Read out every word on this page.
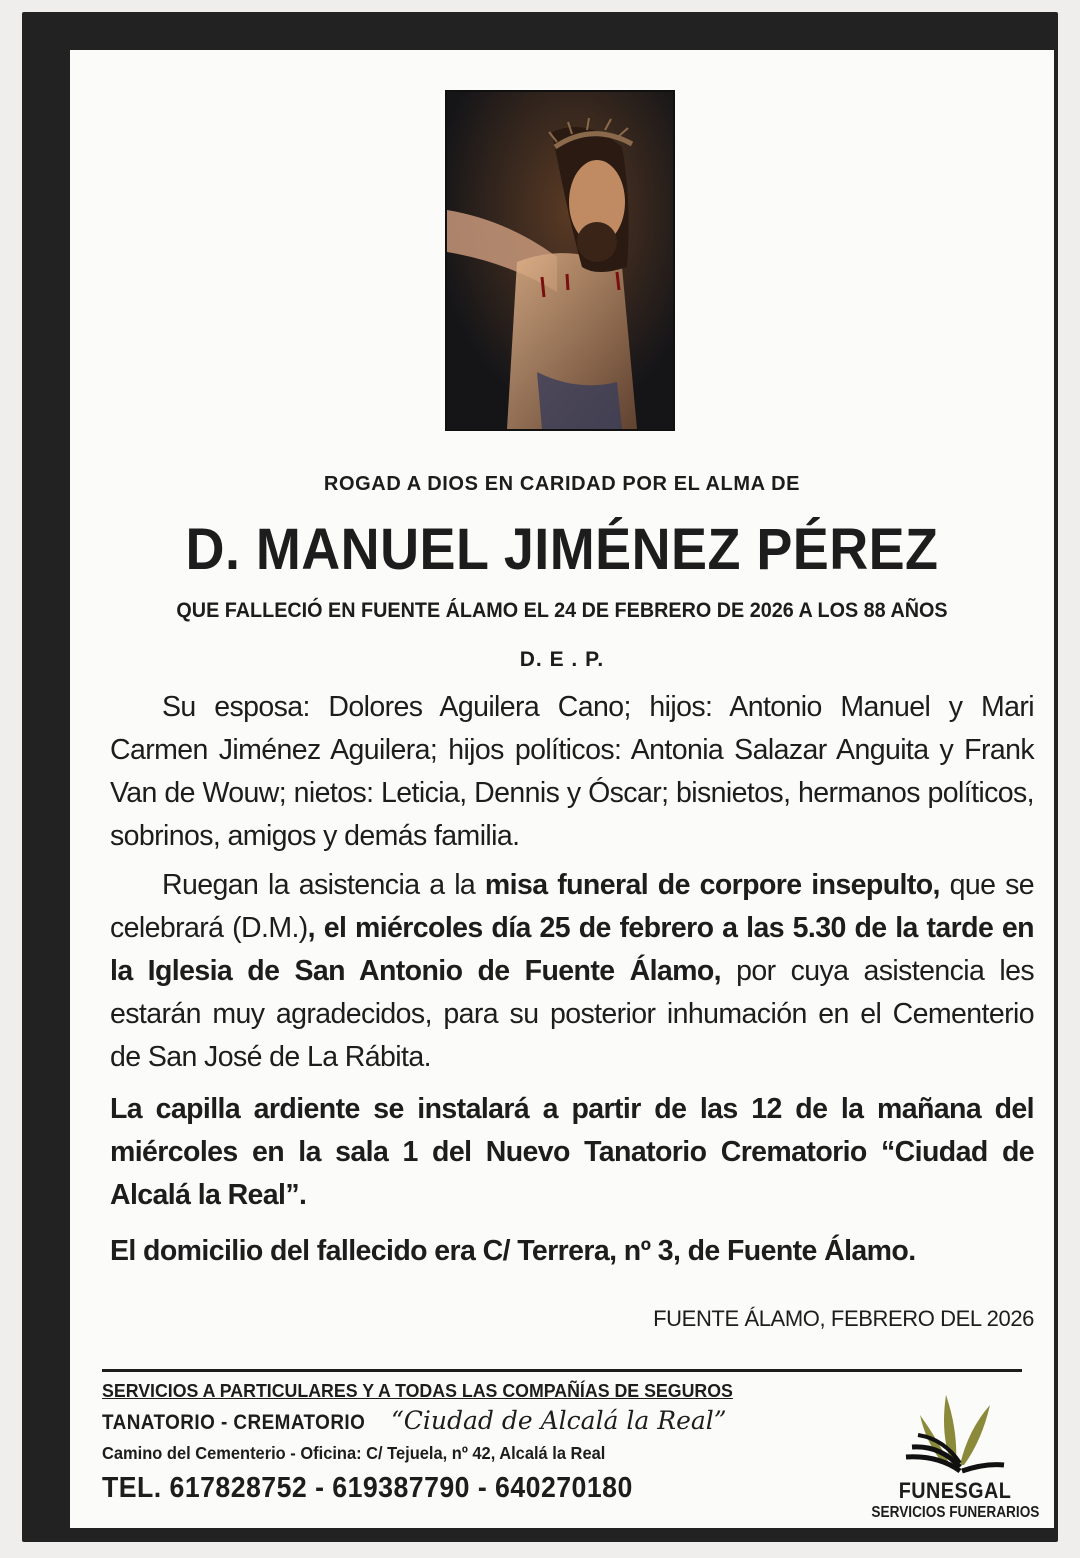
ROGAD A DIOS EN CARIDAD POR EL ALMA DE
D. MANUEL JIMÉNEZ PÉREZ
QUE FALLECIÓ EN FUENTE ÁLAMO EL 24 DE FEBRERO DE 2026 A LOS 88 AÑOS
D. E . P.
Su esposa: Dolores Aguilera Cano; hijos: Antonio Manuel y Mari Carmen Jiménez Aguilera; hijos políticos: Antonia Salazar Anguita y Frank Van de Wouw; nietos: Leticia, Dennis y Óscar; bisnietos, hermanos políticos, sobrinos, amigos y demás familia.
Ruegan la asistencia a la misa funeral de corpore insepulto, que se celebrará (D.M.), el miércoles día 25 de febrero a las 5.30 de la tarde en la Iglesia de San Antonio de Fuente Álamo, por cuya asistencia les estarán muy agradecidos, para su posterior inhumación en el Cementerio de San José de La Rábita.
La capilla ardiente se instalará a partir de las 12 de la mañana del miércoles en la sala 1 del Nuevo Tanatorio Crematorio “Ciudad de Alcalá la Real”.
El domicilio del fallecido era C/ Terrera, nº 3, de Fuente Álamo.
FUENTE ÁLAMO, FEBRERO DEL 2026
SERVICIOS A PARTICULARES Y A TODAS LAS COMPAÑÍAS DE SEGUROS
TANATORIO - CREMATORIO “Ciudad de Alcalá la Real”
Camino del Cementerio - Oficina: C/ Tejuela, nº 42, Alcalá la Real
TEL. 617828752 - 619387790 - 640270180	FUNESGAL
SERVICIOS FUNERARIOS
